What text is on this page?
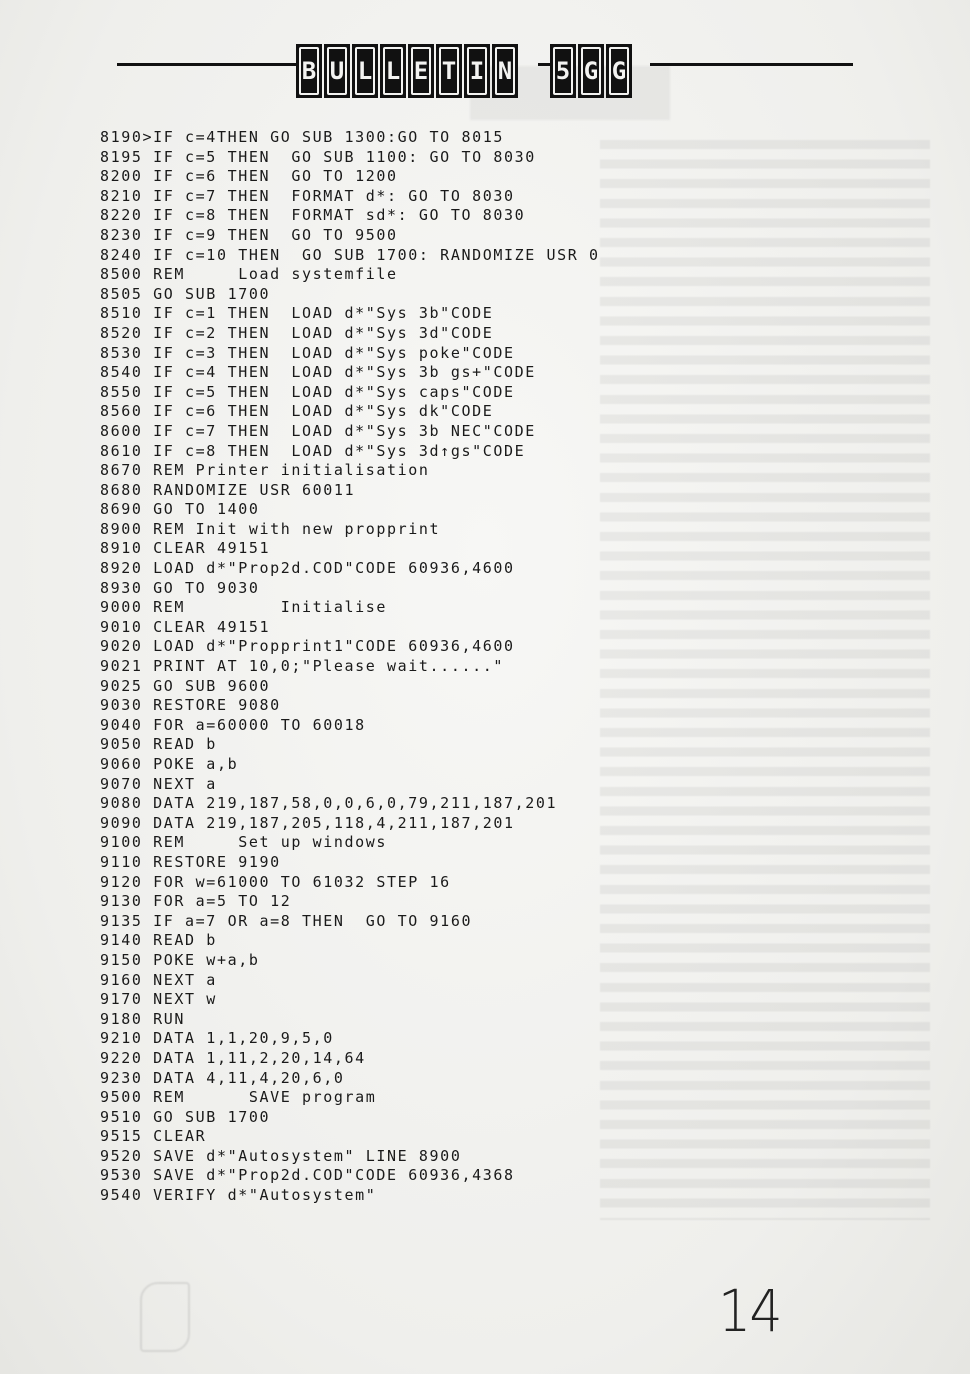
B U L L E T I N 5 G G
8190>IF c=4THEN GO SUB 1300:GO TO 8015
8195 IF c=5 THEN  GO SUB 1100: GO TO 8030
8200 IF c=6 THEN  GO TO 1200
8210 IF c=7 THEN  FORMAT d*: GO TO 8030
8220 IF c=8 THEN  FORMAT sd*: GO TO 8030
8230 IF c=9 THEN  GO TO 9500
8240 IF c=10 THEN  GO SUB 1700: RANDOMIZE USR 0
8500 REM     Load systemfile
8505 GO SUB 1700
8510 IF c=1 THEN  LOAD d*"Sys 3b"CODE
8520 IF c=2 THEN  LOAD d*"Sys 3d"CODE
8530 IF c=3 THEN  LOAD d*"Sys poke"CODE
8540 IF c=4 THEN  LOAD d*"Sys 3b gs+"CODE
8550 IF c=5 THEN  LOAD d*"Sys caps"CODE
8560 IF c=6 THEN  LOAD d*"Sys dk"CODE
8600 IF c=7 THEN  LOAD d*"Sys 3b NEC"CODE
8610 IF c=8 THEN  LOAD d*"Sys 3d↑gs"CODE
8670 REM Printer initialisation
8680 RANDOMIZE USR 60011
8690 GO TO 1400
8900 REM Init with new propprint
8910 CLEAR 49151
8920 LOAD d*"Prop2d.COD"CODE 60936,4600
8930 GO TO 9030
9000 REM         Initialise
9010 CLEAR 49151
9020 LOAD d*"Propprint1"CODE 60936,4600
9021 PRINT AT 10,0;"Please wait......"
9025 GO SUB 9600
9030 RESTORE 9080
9040 FOR a=60000 TO 60018
9050 READ b
9060 POKE a,b
9070 NEXT a
9080 DATA 219,187,58,0,0,6,0,79,211,187,201
9090 DATA 219,187,205,118,4,211,187,201
9100 REM     Set up windows
9110 RESTORE 9190
9120 FOR w=61000 TO 61032 STEP 16
9130 FOR a=5 TO 12
9135 IF a=7 OR a=8 THEN  GO TO 9160
9140 READ b
9150 POKE w+a,b
9160 NEXT a
9170 NEXT w
9180 RUN
9210 DATA 1,1,20,9,5,0
9220 DATA 1,11,2,20,14,64
9230 DATA 4,11,4,20,6,0
9500 REM      SAVE program
9510 GO SUB 1700
9515 CLEAR
9520 SAVE d*"Autosystem" LINE 8900
9530 SAVE d*"Prop2d.COD"CODE 60936,4368
9540 VERIFY d*"Autosystem"
14
